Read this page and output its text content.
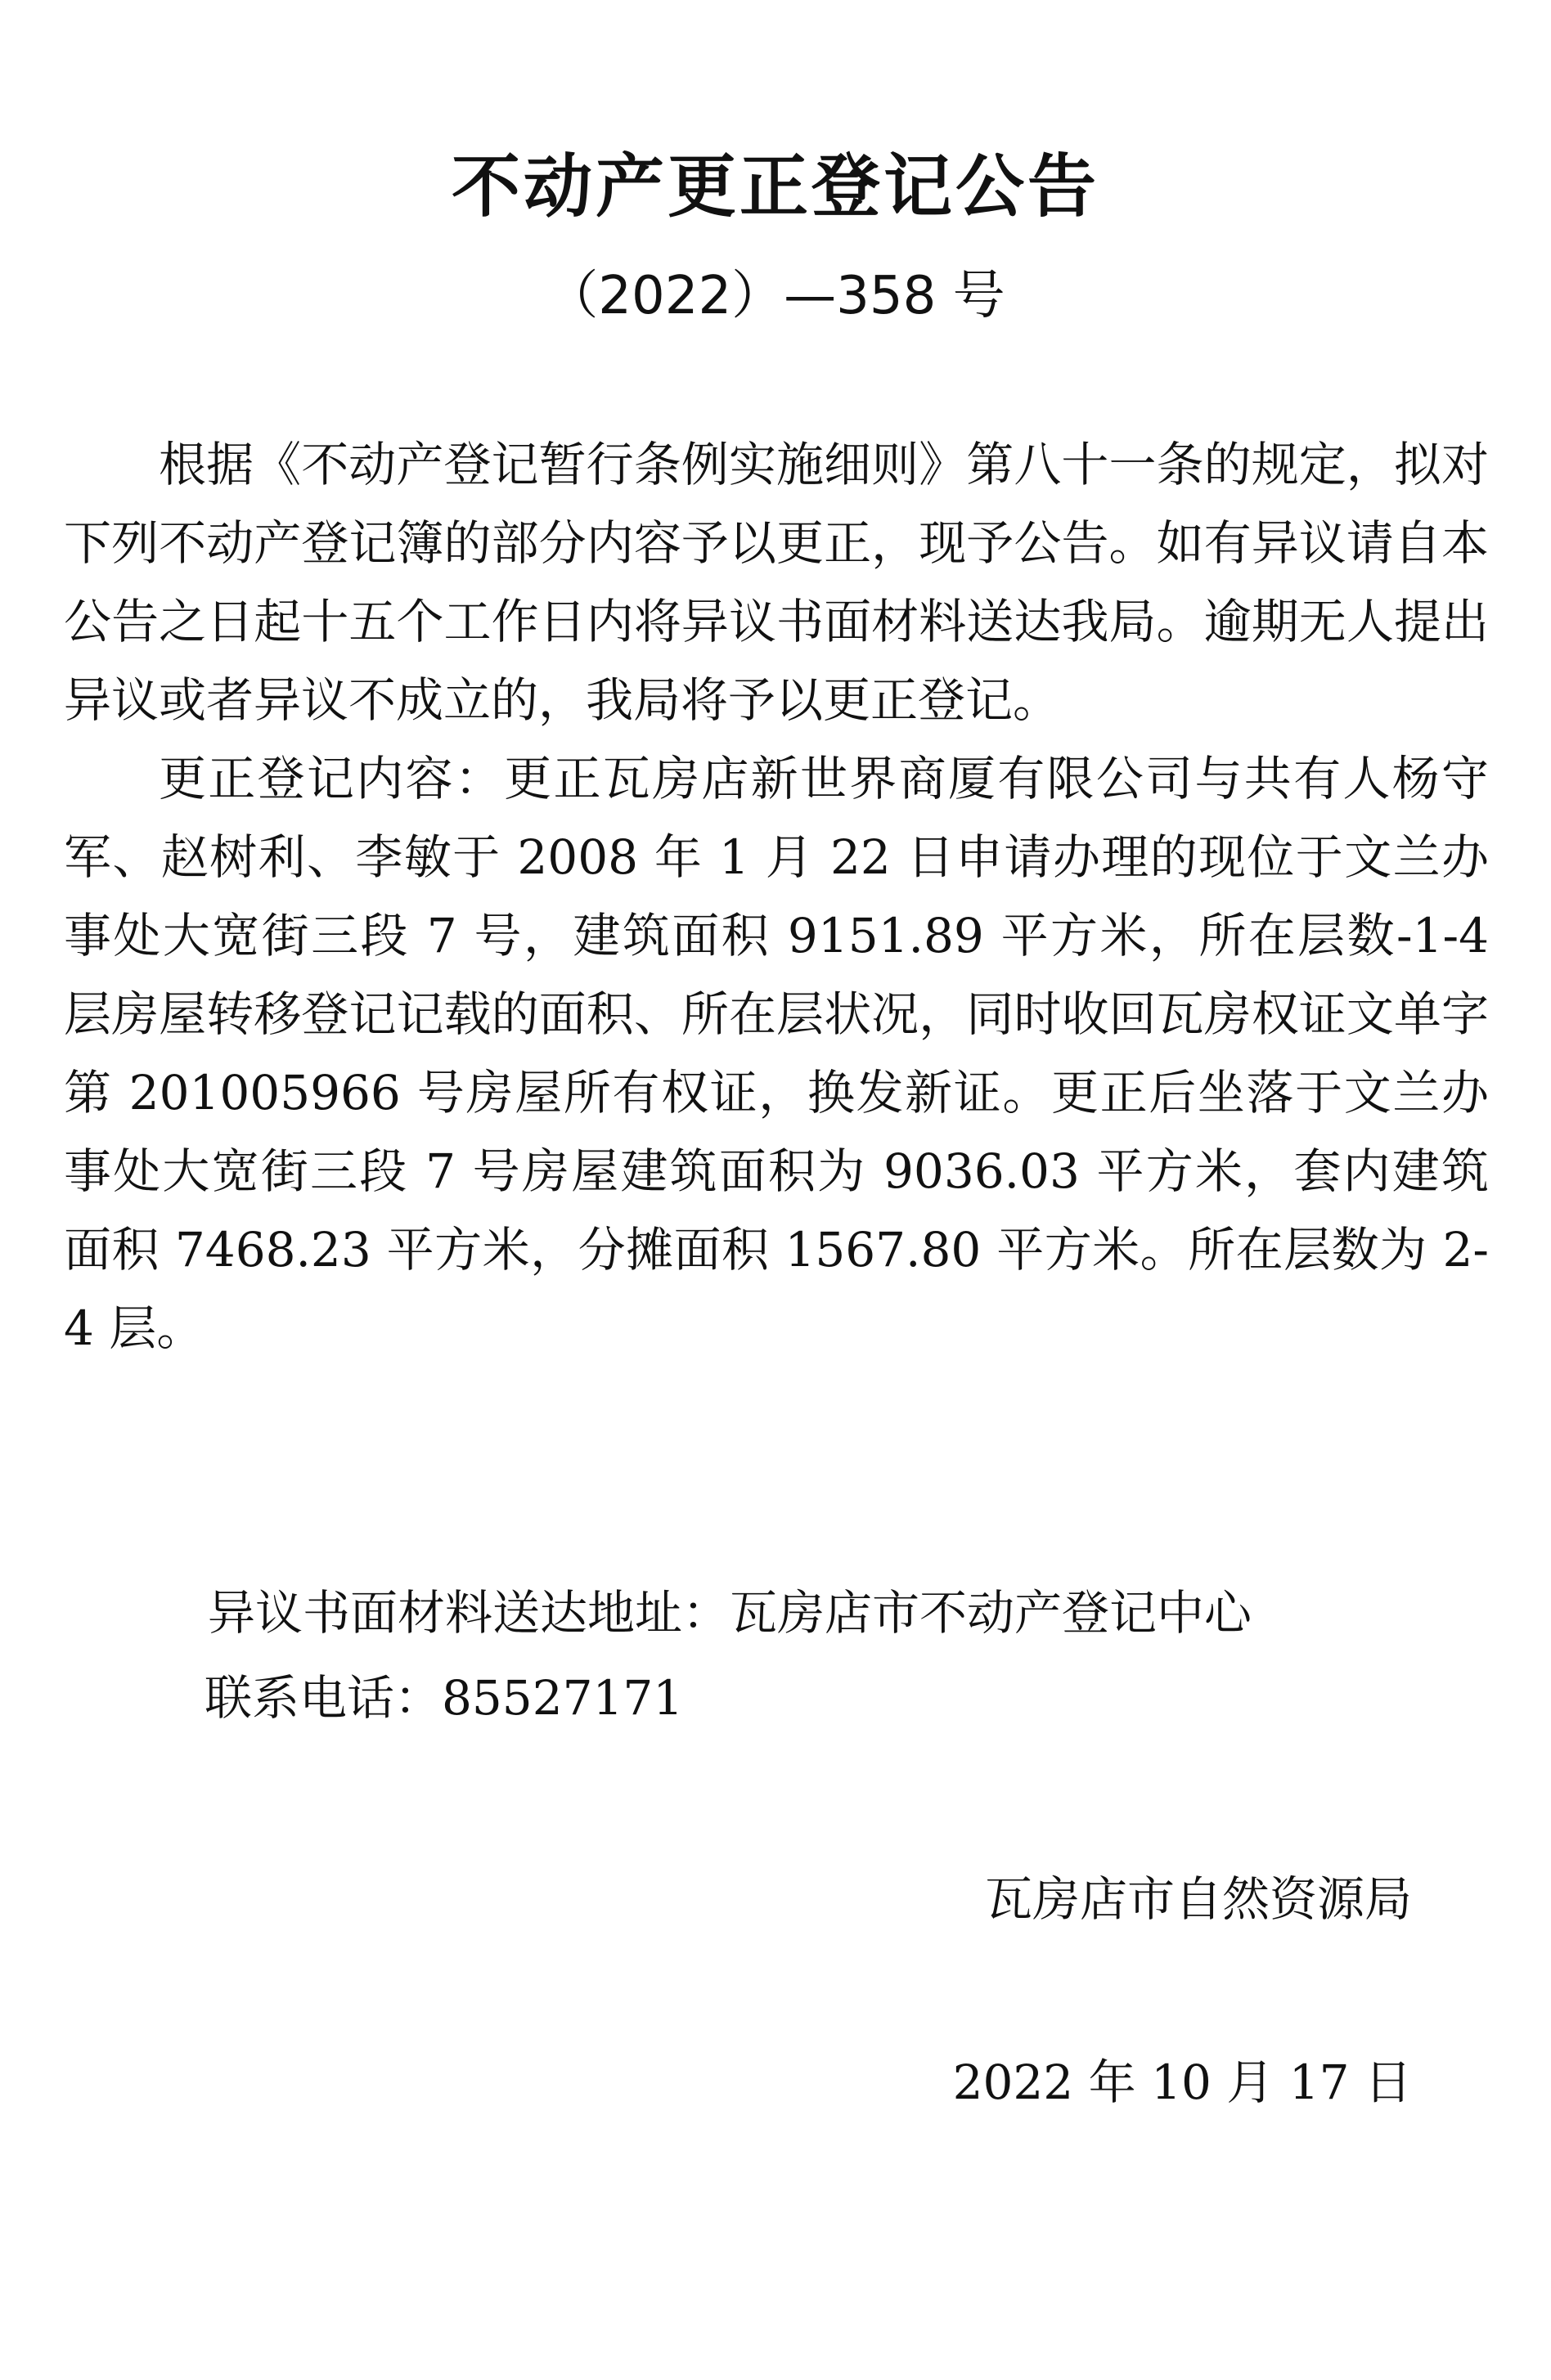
不动产更正登记公告
（2022）—358 号

根据《不动产登记暂行条例实施细则》第八十一条的规定，拟对下列不动产登记簿的部分内容予以更正，现予公告。如有异议请自本公告之日起十五个工作日内将异议书面材料送达我局。逾期无人提出异议或者异议不成立的，我局将予以更正登记。

更正登记内容：更正瓦房店新世界商厦有限公司与共有人杨守军、赵树利、李敏于 2008 年 1 月 22 日申请办理的现位于文兰办事处大宽街三段 7 号，建筑面积 9151.89 平方米，所在层数-1-4 层房屋转移登记记载的面积、所在层状况，同时收回瓦房权证文单字第 201005966 号房屋所有权证，换发新证。更正后坐落于文兰办事处大宽街三段 7 号房屋建筑面积为 9036.03 平方米，套内建筑面积 7468.23 平方米，分摊面积 1567.80 平方米。所在层数为 2-4 层。

异议书面材料送达地址：瓦房店市不动产登记中心
联系电话：85527171
瓦房店市自然资源局
2022 年 10 月 17 日
